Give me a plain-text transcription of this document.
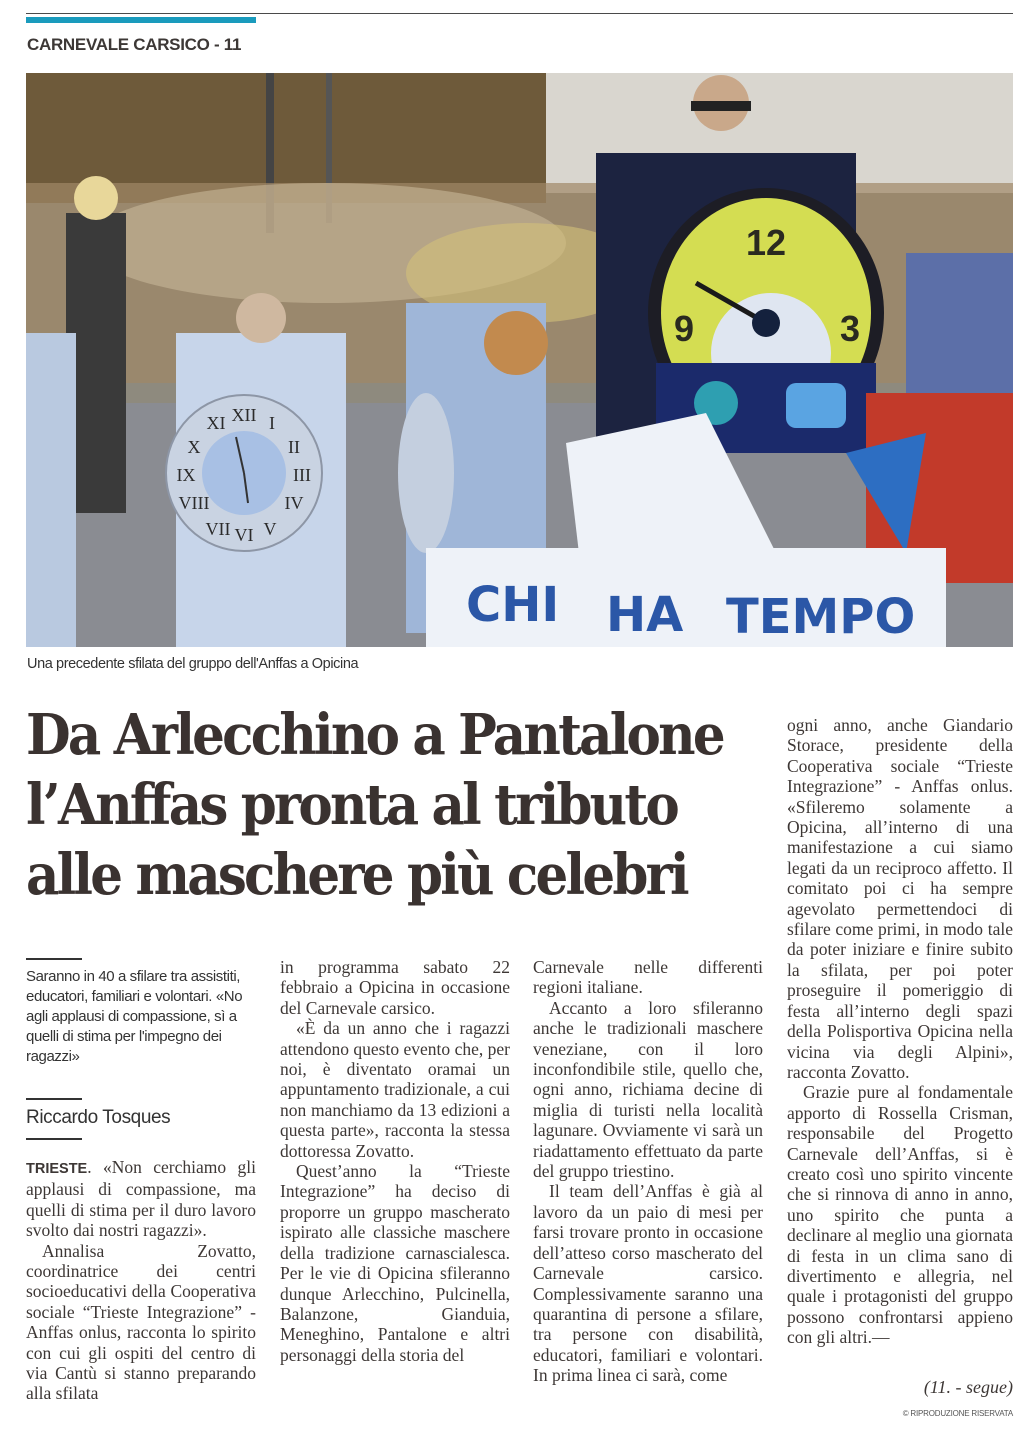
CARNEVALE CARSICO - 11
XII
XI I
X	II
IX	III
VIII	IV
VII VI V
12
9	3
CHI HA TEMPO
Una precedente sfilata del gruppo dell'Anffas a Opicina
Da Arlecchino a Pantalone
l’Anffas pronta al tributo
alle maschere più celebri
Saranno in 40 a sfilare tra assistiti, educatori, familiari e volontari. «No agli applausi di compassione, sì a quelli di stima per l'impegno dei ragazzi»
Riccardo Tosques

TRIESTE. «Non cerchiamo gli applausi di compassione, ma quelli di stima per il duro lavoro svolto dai nostri ragazzi».

Annalisa Zovatto, coordinatrice dei centri socioeducativi della Cooperativa sociale “Trieste Integrazione” - Anffas onlus, racconta lo spirito con cui gli ospiti del centro di via Cantù si stanno preparando alla sfilata

in programma sabato 22 febbraio a Opicina in occasione del Carnevale carsico.

«È da un anno che i ragazzi attendono questo evento che, per noi, è diventato oramai un appuntamento tradizionale, a cui non manchiamo da 13 edizioni a questa parte», racconta la stessa dottoressa Zovatto.

Quest’anno la “Trieste Integrazione” ha deciso di proporre un gruppo mascherato ispirato alle classiche maschere della tradizione carnascialesca. Per le vie di Opicina sfileranno dunque Arlecchino, Pulcinella, Balanzone, Gianduia, Meneghino, Pantalone e altri personaggi della storia del

Carnevale nelle differenti regioni italiane.

Accanto a loro sfileranno anche le tradizionali maschere veneziane, con il loro inconfondibile stile, quello che, ogni anno, richiama decine di miglia di turisti nella località lagunare. Ovviamente vi sarà un riadattamento effettuato da parte del gruppo triestino.

Il team dell’Anffas è già al lavoro da un paio di mesi per farsi trovare pronto in occasione dell’atteso corso mascherato del Carnevale carsico. Complessivamente saranno una quarantina di persone a sfilare, tra persone con disabilità, educatori, familiari e volontari. In prima linea ci sarà, come

ogni anno, anche Giandario Storace, presidente della Cooperativa sociale “Trieste Integrazione” - Anffas onlus. «Sfileremo solamente a Opicina, all’interno di una manifestazione a cui siamo legati da un reciproco affetto. Il comitato poi ci ha sempre agevolato permettendoci di sfilare come primi, in modo tale da poter iniziare e finire subito la sfilata, per poi poter proseguire il pomeriggio di festa all’interno degli spazi della Polisportiva Opicina nella vicina via degli Alpini», racconta Zovatto.

Grazie pure al fondamentale apporto di Rossella Crisman, responsabile del Progetto Carnevale dell’Anffas, si è creato così uno spirito vincente che si rinnova di anno in anno, uno spirito che punta a declinare al meglio una giornata di festa in un clima sano di divertimento e allegria, nel quale i protagonisti del gruppo possono confrontarsi appieno con gli altri.—

(11. - segue)
© RIPRODUZIONE RISERVATA
